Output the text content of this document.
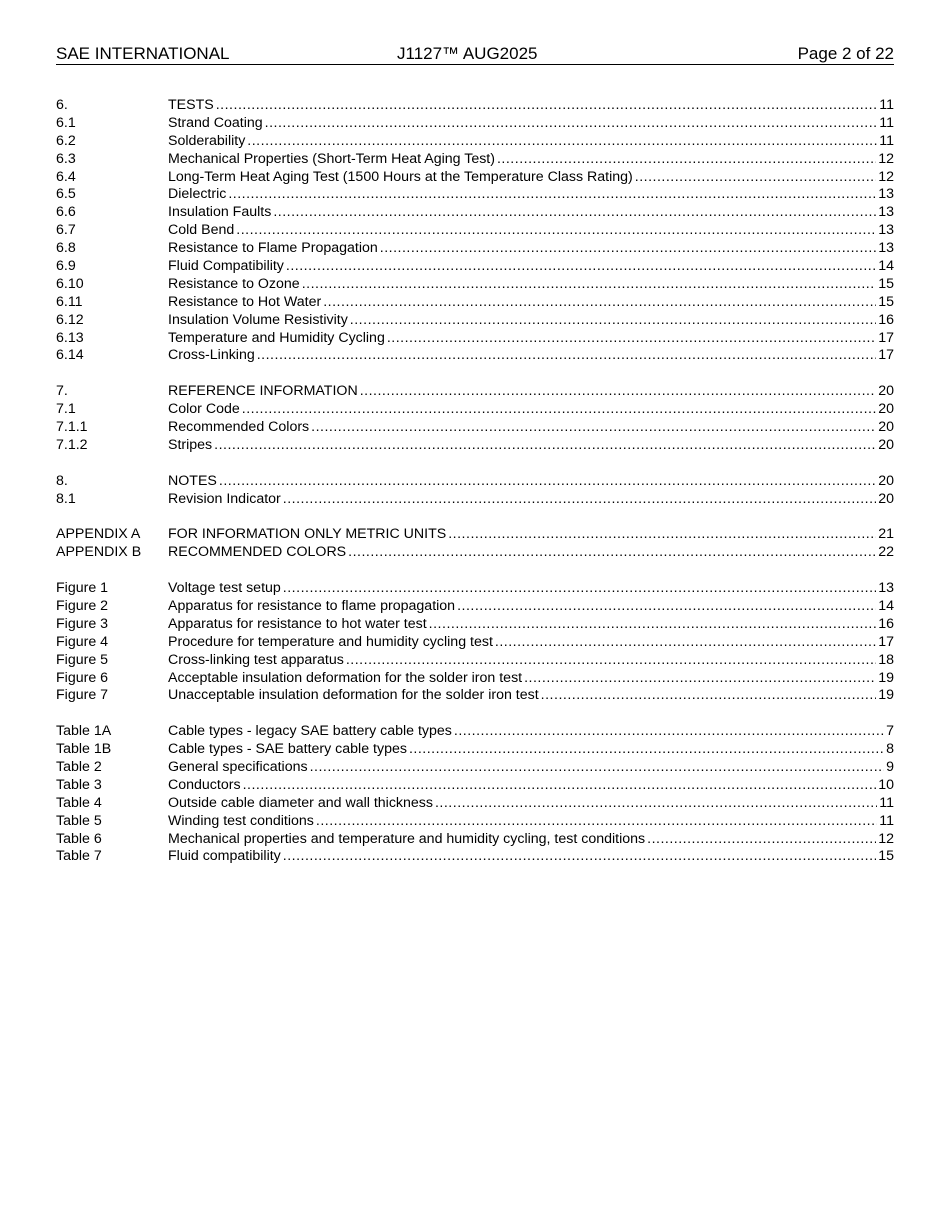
SAE INTERNATIONAL	J1127™ AUG2025	Page 2 of 22
6.	TESTS .....	11
6.1	Strand Coating .....	11
6.2	Solderability .....	11
6.3	Mechanical Properties (Short-Term Heat Aging Test) .....	12
6.4	Long-Term Heat Aging Test (1500 Hours at the Temperature Class Rating) .....	12
6.5	Dielectric .....	13
6.6	Insulation Faults .....	13
6.7	Cold Bend .....	13
6.8	Resistance to Flame Propagation .....	13
6.9	Fluid Compatibility .....	14
6.10	Resistance to Ozone .....	15
6.11	Resistance to Hot Water .....	15
6.12	Insulation Volume Resistivity .....	16
6.13	Temperature and Humidity Cycling .....	17
6.14	Cross-Linking .....	17
7.	REFERENCE INFORMATION .....	20
7.1	Color Code .....	20
7.1.1	Recommended Colors .....	20
7.1.2	Stripes .....	20
8.	NOTES .....	20
8.1	Revision Indicator .....	20
APPENDIX A FOR INFORMATION ONLY METRIC UNITS .....	21
APPENDIX B RECOMMENDED COLORS .....	22
Figure 1	Voltage test setup .....	13
Figure 2	Apparatus for resistance to flame propagation .....	14
Figure 3	Apparatus for resistance to hot water test .....	16
Figure 4	Procedure for temperature and humidity cycling test .....	17
Figure 5	Cross-linking test apparatus .....	18
Figure 6	Acceptable insulation deformation for the solder iron test .....	19
Figure 7	Unacceptable insulation deformation for the solder iron test .....	19
Table 1A	Cable types - legacy SAE battery cable types .....	7
Table 1B	Cable types - SAE battery cable types .....	8
Table 2	General specifications .....	9
Table 3	Conductors .....	10
Table 4	Outside cable diameter and wall thickness .....	11
Table 5	Winding test conditions .....	11
Table 6	Mechanical properties and temperature and humidity cycling, test conditions .....	12
Table 7	Fluid compatibility .....	15
